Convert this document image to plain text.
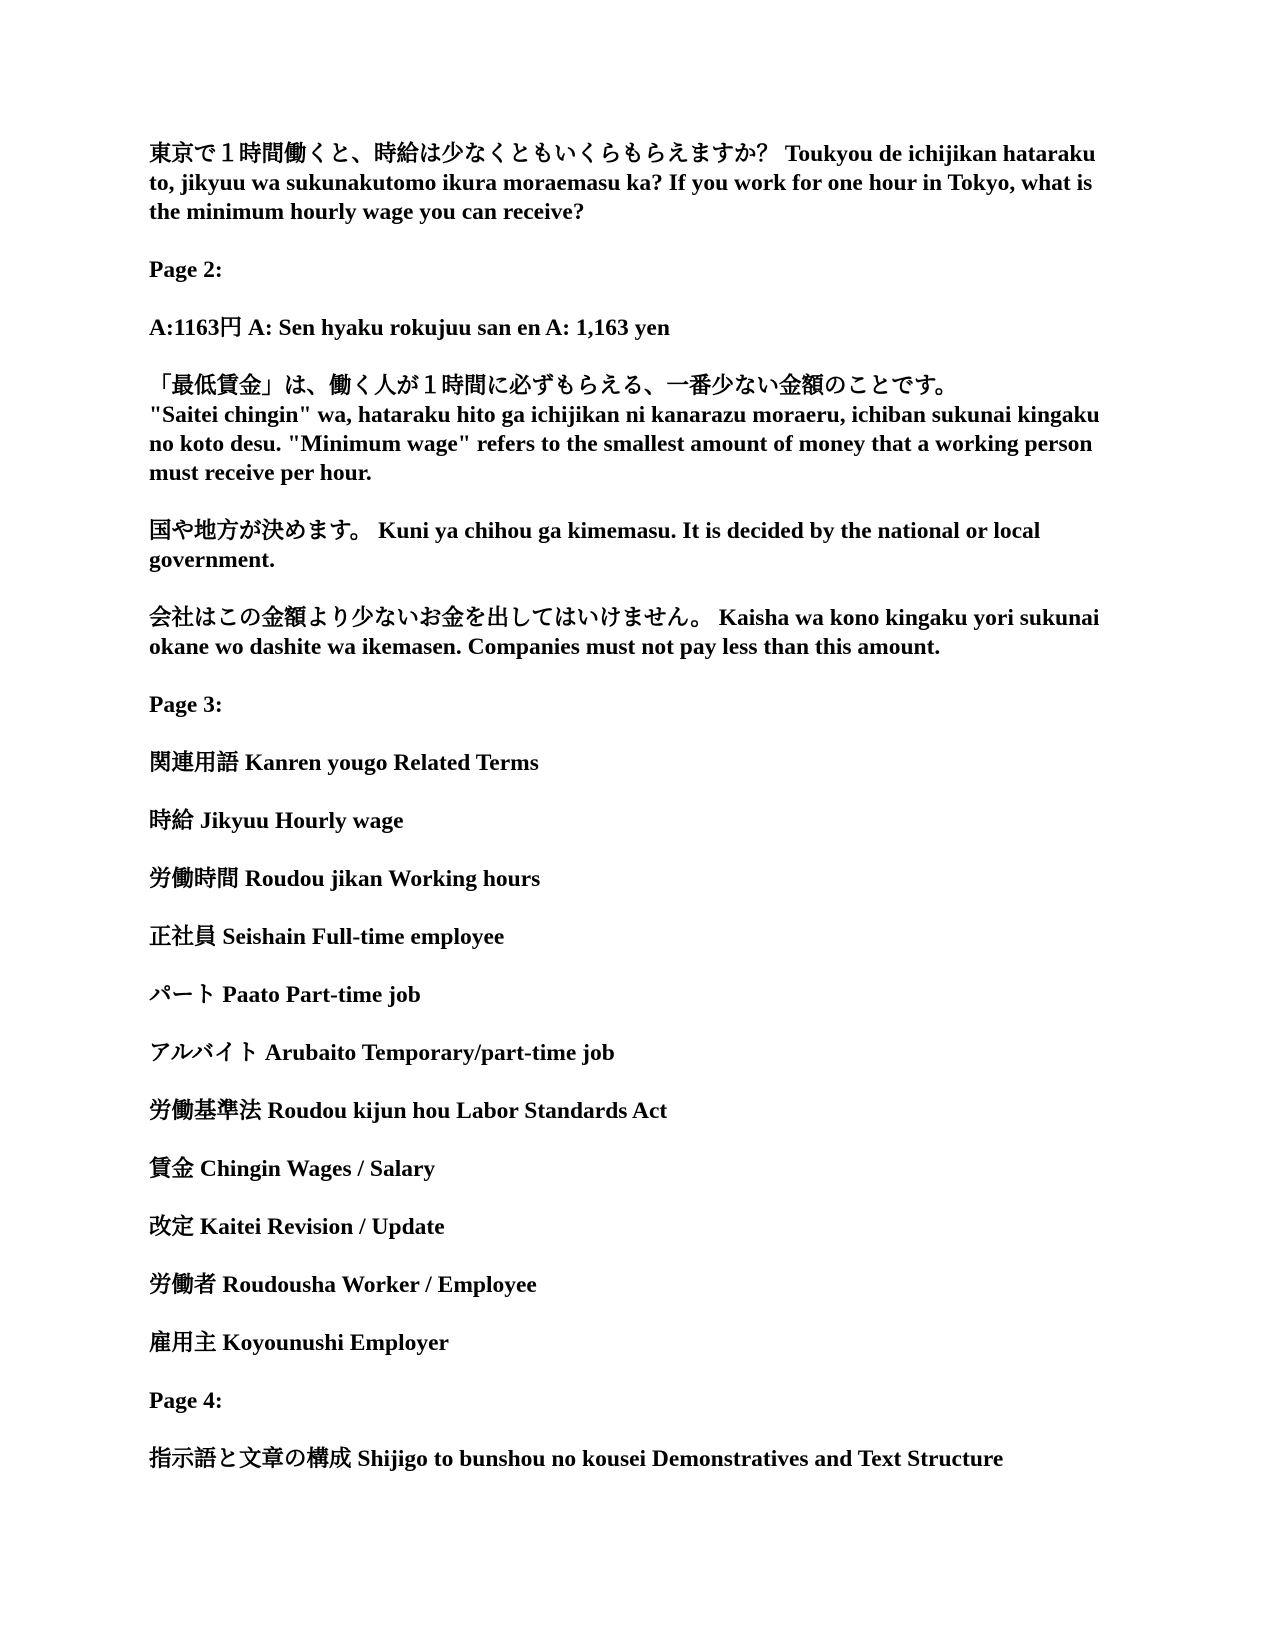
東京で１時間働くと、時給は少なくともいくらもらえますか？ Toukyou de ichijikan hataraku to, jikyuu wa sukunakutomo ikura moraemasu ka? If you work for one hour in Tokyo, what is the minimum hourly wage you can receive?

Page 2:

A:1163円 A: Sen hyaku rokujuu san en A: 1,163 yen

「最低賃金」は、働く人が１時間に必ずもらえる、一番少ない金額のことです。
"Saitei chingin" wa, hataraku hito ga ichijikan ni kanarazu moraeru, ichiban sukunai kingaku no koto desu. "Minimum wage" refers to the smallest amount of money that a working person must receive per hour.

国や地方が決めます。 Kuni ya chihou ga kimemasu. It is decided by the national or local government.

会社はこの金額より少ないお金を出してはいけません。 Kaisha wa kono kingaku yori sukunai okane wo dashite wa ikemasen. Companies must not pay less than this amount.

Page 3:

関連用語 Kanren yougo Related Terms

時給 Jikyuu Hourly wage

労働時間 Roudou jikan Working hours

正社員 Seishain Full-time employee

パート Paato Part-time job

アルバイト Arubaito Temporary/part-time job

労働基準法 Roudou kijun hou Labor Standards Act

賃金 Chingin Wages / Salary

改定 Kaitei Revision / Update

労働者 Roudousha Worker / Employee

雇用主 Koyounushi Employer

Page 4:

指示語と文章の構成 Shijigo to bunshou no kousei Demonstratives and Text Structure
